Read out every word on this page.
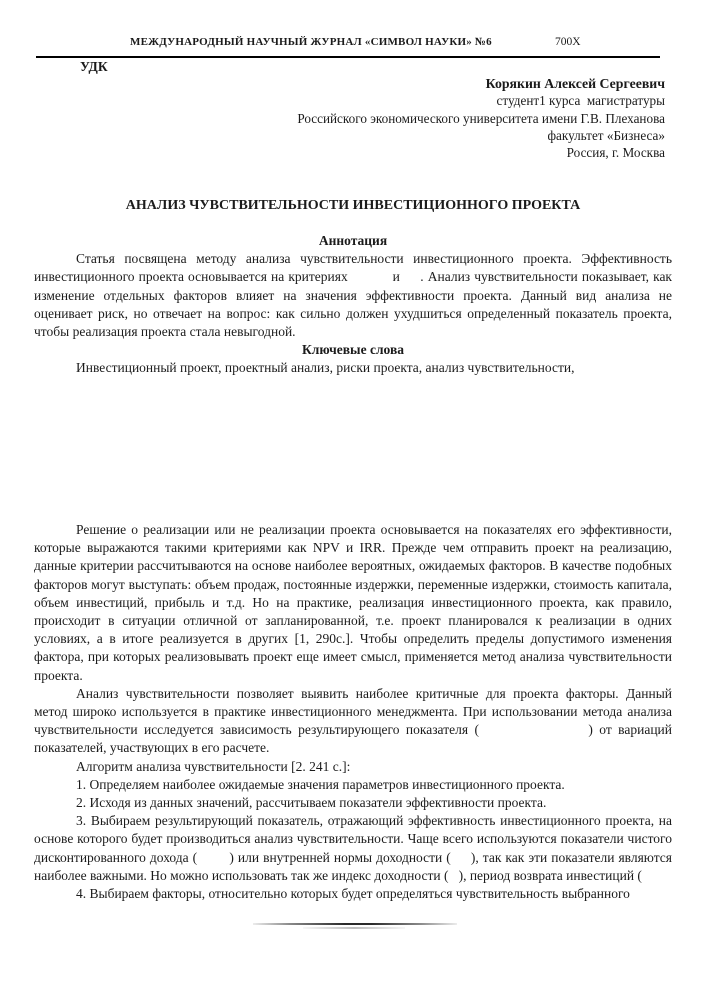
МЕЖДУНАРОДНЫЙ НАУЧНЫЙ ЖУРНАЛ «СИМВОЛ НАУКИ» №6	700X
УДК
Корякин Алексей Сергеевич
студент1 курса  магистратуры
Российского экономического университета имени Г.В. Плеханова
факультет «Бизнеса»
Россия, г. Москва
АНАЛИЗ ЧУВСТВИТЕЛЬНОСТИ ИНВЕСТИЦИОННОГО ПРОЕКТА

Аннотация

Статья посвящена методу анализа чувствительности инвестиционного проекта. Эффективность инвестиционного проекта основывается на критериях           и     . Анализ чувствительности показывает, как изменение отдельных факторов влияет на значения эффективности проекта. Данный вид анализа не оценивает риск, но отвечает на вопрос: как сильно должен ухудшиться определенный показатель проекта, чтобы реализация проекта стала невыгодной.

Ключевые слова

Инвестиционный проект, проектный анализ, риски проекта, анализ чувствительности,

Решение о реализации или не реализации проекта основывается на показателях его эффективности, которые выражаются такими критериями как NPV и IRR. Прежде чем отправить проект на реализацию, данные критерии рассчитываются на основе наиболее вероятных, ожидаемых факторов. В качестве подобных факторов могут выступать: объем продаж, постоянные издержки, переменные издержки, стоимость капитала, объем инвестиций, прибыль и т.д. Но на практике, реализация инвестиционного проекта, как правило, происходит в ситуации отличной от запланированной, т.е. проект планировался к реализации в одних условиях, а в итоге реализуется в других [1, 290с.]. Чтобы определить пределы допустимого изменения фактора, при которых реализовывать проект еще имеет смысл, применяется метод анализа чувствительности проекта.

Анализ чувствительности позволяет выявить наиболее критичные для проекта факторы. Данный метод широко используется в практике инвестиционного менеджмента. При использовании метода анализа чувствительности исследуется зависимость результирующего показателя (                 ) от вариаций показателей, участвующих в его расчете.

Алгоритм анализа чувствительности [2. 241 с.]:

1. Определяем наиболее ожидаемые значения параметров инвестиционного проекта.

2. Исходя из данных значений, рассчитываем показатели эффективности проекта.

3. Выбираем результирующий показатель, отражающий эффективность инвестиционного проекта, на основе которого будет производиться анализ чувствительности. Чаще всего используются показатели чистого дисконтированного дохода (        ) или внутренней нормы доходности (     ), так как эти показатели являются наиболее важными. Но можно использовать так же индекс доходности (   ), период возврата инвестиций (

4. Выбираем факторы, относительно которых будет определяться чувствительность выбранного
